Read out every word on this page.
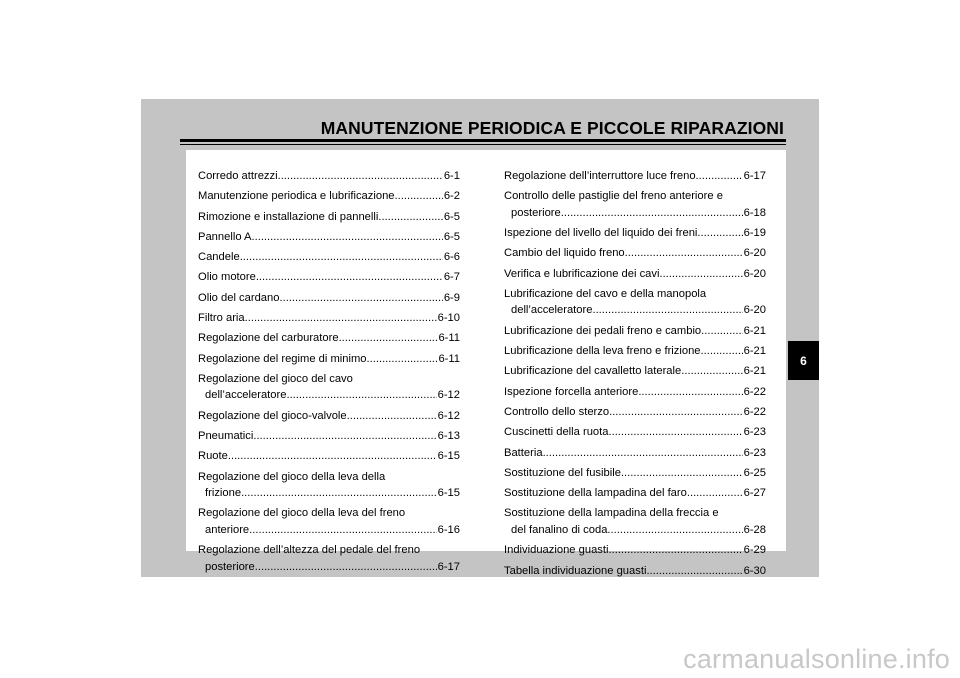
MANUTENZIONE PERIODICA E PICCOLE RIPARAZIONI
Corredo attrezzi .....	6-1
Manutenzione periodica e lubrificazione .....	6-2
Rimozione e installazione di pannelli .....	6-5
Pannello A .....	6-5
Candele .....	6-6
Olio motore .....	6-7
Olio del cardano .....	6-9
Filtro aria .....	6-10
Regolazione del carburatore .....	6-11
Regolazione del regime di minimo .....	6-11
Regolazione del gioco del cavo
dell’acceleratore .....	6-12
Regolazione del gioco-valvole .....	6-12
Pneumatici .....	6-13
Ruote .....	6-15
Regolazione del gioco della leva della
frizione .....	6-15
Regolazione del gioco della leva del freno
anteriore .....	6-16
Regolazione dell’altezza del pedale del freno
posteriore .....	6-17
Regolazione dell’interruttore luce freno .....	6-17
Controllo delle pastiglie del freno anteriore e
posteriore .....	6-18
Ispezione del livello del liquido dei freni .....	6-19
Cambio del liquido freno .....	6-20
Verifica e lubrificazione dei cavi .....	6-20
Lubrificazione del cavo e della manopola
dell’acceleratore .....	6-20
Lubrificazione dei pedali freno e cambio .....	6-21
Lubrificazione della leva freno e frizione .....	6-21
Lubrificazione del cavalletto laterale .....	6-21
Ispezione forcella anteriore .....	6-22
Controllo dello sterzo .....	6-22
Cuscinetti della ruota .....	6-23
Batteria .....	6-23
Sostituzione del fusibile .....	6-25
Sostituzione della lampadina del faro .....	6-27
Sostituzione della lampadina della freccia e
del fanalino di coda .....	6-28
Individuazione guasti .....	6-29
Tabella individuazione guasti .....	6-30
6
carmanualsonline.info
